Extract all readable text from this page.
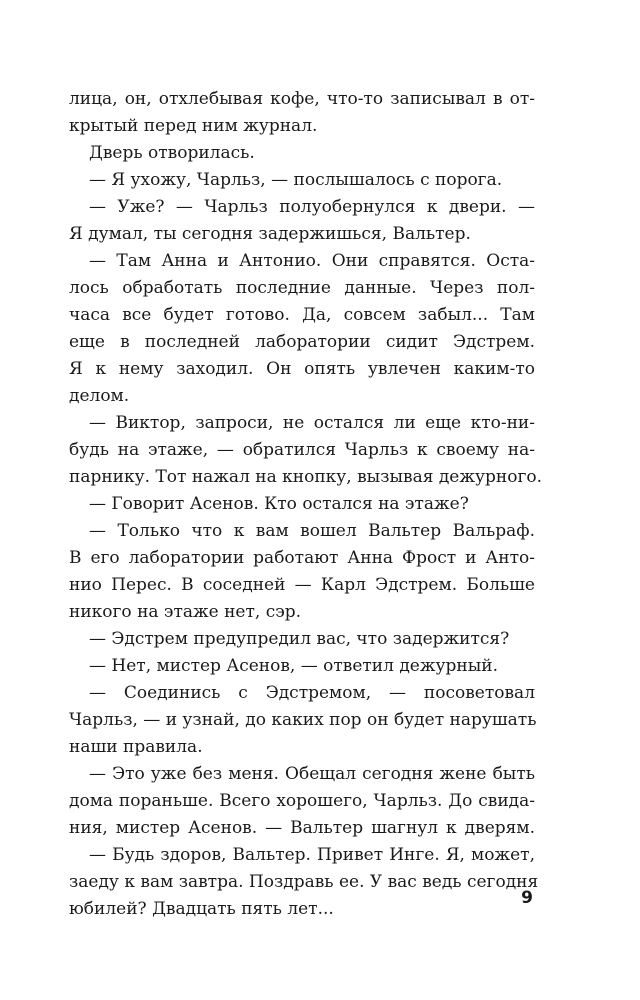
лица, он, отхлебывая кофе, что-то записывал в от-
крытый перед ним журнал.
Дверь отворилась.
— Я ухожу, Чарльз, — послышалось с порога.
— Уже? — Чарльз полуобернулся к двери. —
Я думал, ты сегодня задержишься, Вальтер.
— Там Анна и Антонио. Они справятся. Оста-
лось обработать последние данные. Через пол-
часа все будет готово. Да, совсем забыл... Там
еще в последней лаборатории сидит Эдстрем.
Я к нему заходил. Он опять увлечен каким-то
делом.
— Виктор, запроси, не остался ли еще кто-ни-
будь на этаже, — обратился Чарльз к своему на-
парнику. Тот нажал на кнопку, вызывая дежурного.
— Говорит Асенов. Кто остался на этаже?
— Только что к вам вошел Вальтер Вальраф.
В его лаборатории работают Анна Фрост и Анто-
нио Перес. В соседней — Карл Эдстрем. Больше
никого на этаже нет, сэр.
— Эдстрем предупредил вас, что задержится?
— Нет, мистер Асенов, — ответил дежурный.
— Соединись с Эдстремом, — посоветовал
Чарльз, — и узнай, до каких пор он будет нарушать
наши правила.
— Это уже без меня. Обещал сегодня жене быть
дома пораньше. Всего хорошего, Чарльз. До свида-
ния, мистер Асенов. — Вальтер шагнул к дверям.
— Будь здоров, Вальтер. Привет Инге. Я, может,
заеду к вам завтра. Поздравь ее. У вас ведь сегодня
юбилей? Двадцать пять лет...
9
